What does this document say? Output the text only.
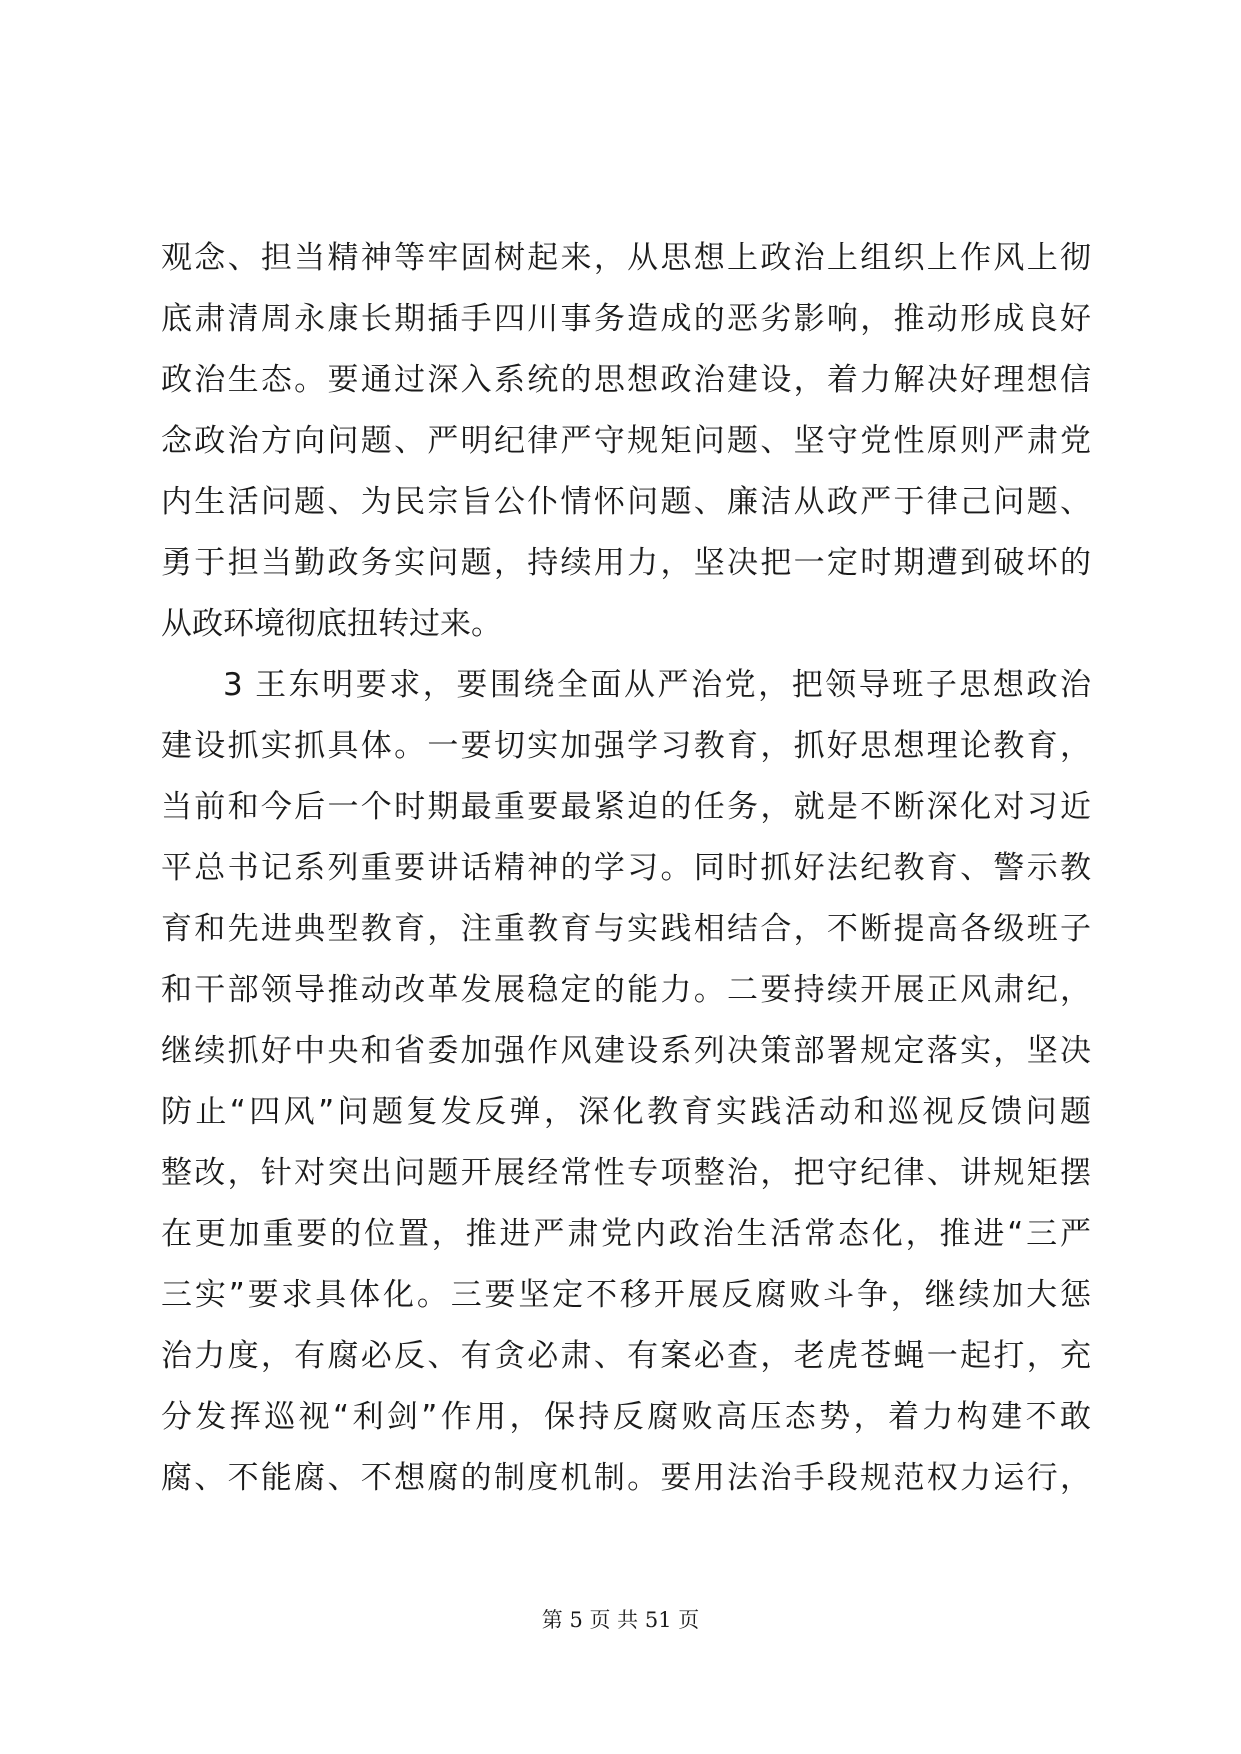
观念、担当精神等牢固树起来，从思想上政治上组织上作风上彻
底肃清周永康长期插手四川事务造成的恶劣影响，推动形成良好
政治生态。要通过深入系统的思想政治建设，着力解决好理想信
念政治方向问题、严明纪律严守规矩问题、坚守党性原则严肃党
内生活问题、为民宗旨公仆情怀问题、廉洁从政严于律己问题、
勇于担当勤政务实问题，持续用力，坚决把一定时期遭到破坏的
从政环境彻底扭转过来。
3 王东明要求，要围绕全面从严治党，把领导班子思想政治
建设抓实抓具体。一要切实加强学习教育，抓好思想理论教育，
当前和今后一个时期最重要最紧迫的任务，就是不断深化对习近
平总书记系列重要讲话精神的学习。同时抓好法纪教育、警示教
育和先进典型教育，注重教育与实践相结合，不断提高各级班子
和干部领导推动改革发展稳定的能力。二要持续开展正风肃纪，
继续抓好中央和省委加强作风建设系列决策部署规定落实，坚决
防止“四风”问题复发反弹，深化教育实践活动和巡视反馈问题
整改，针对突出问题开展经常性专项整治，把守纪律、讲规矩摆
在更加重要的位置，推进严肃党内政治生活常态化，推进“三严
三实”要求具体化。三要坚定不移开展反腐败斗争，继续加大惩
治力度，有腐必反、有贪必肃、有案必查，老虎苍蝇一起打，充
分发挥巡视“利剑”作用，保持反腐败高压态势，着力构建不敢
腐、不能腐、不想腐的制度机制。要用法治手段规范权力运行，
第 5 页 共 51 页
